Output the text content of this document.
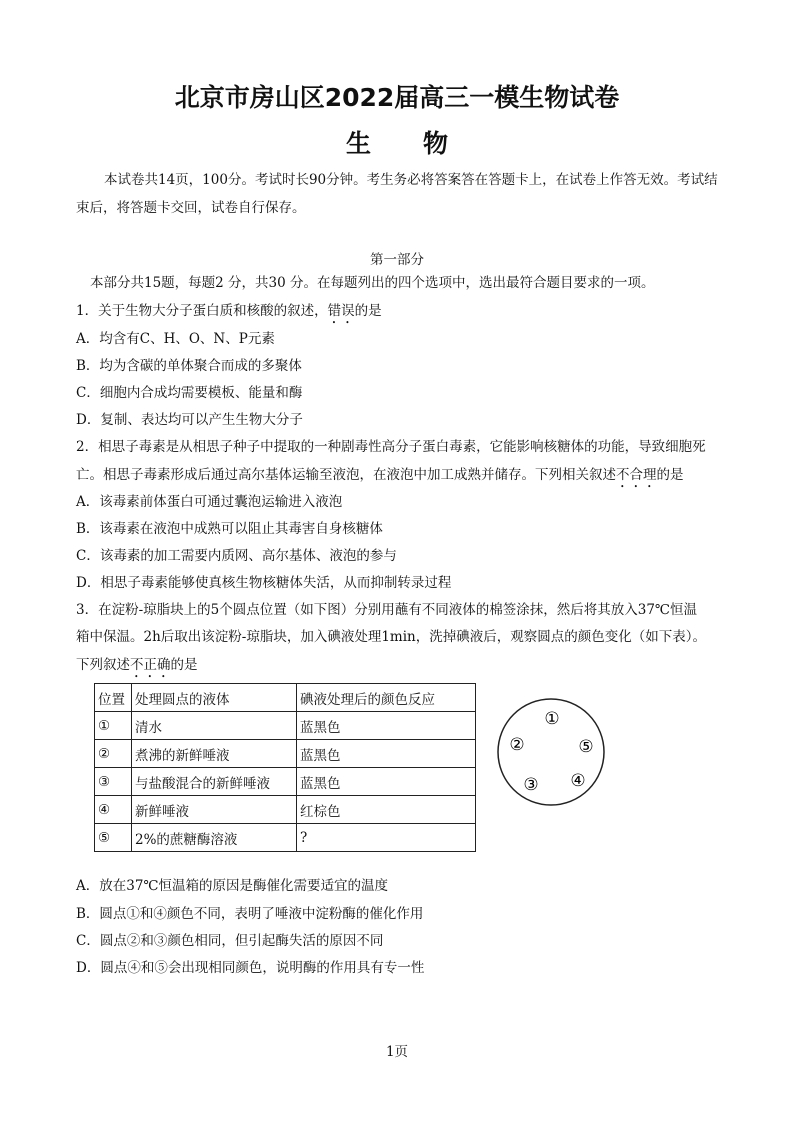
北京市房山区2022届高三一模生物试卷
生物
本试卷共14页，100分。考试时长90分钟。考生务必将答案答在答题卡上，在试卷上作答无效。考试结束后，将答题卡交回，试卷自行保存。
第一部分
本部分共15题，每题2 分，共30 分。在每题列出的四个选项中，选出最符合题目要求的一项。
1．关于生物大分子蛋白质和核酸的叙述，错误的是
A．均含有C、H、O、N、P元素
B．均为含碳的单体聚合而成的多聚体
C．细胞内合成均需要模板、能量和酶
D．复制、表达均可以产生生物大分子
2．相思子毒素是从相思子种子中提取的一种剧毒性高分子蛋白毒素，它能影响核糖体的功能，导致细胞死
亡。相思子毒素形成后通过高尔基体运输至液泡，在液泡中加工成熟并储存。下列相关叙述不合理的是
A．该毒素前体蛋白可通过囊泡运输进入液泡
B．该毒素在液泡中成熟可以阻止其毒害自身核糖体
C．该毒素的加工需要内质网、高尔基体、液泡的参与
D．相思子毒素能够使真核生物核糖体失活，从而抑制转录过程
3．在淀粉-琼脂块上的5个圆点位置（如下图）分别用蘸有不同液体的棉签涂抹，然后将其放入37℃恒温
箱中保温。2h后取出该淀粉-琼脂块，加入碘液处理1min，洗掉碘液后，观察圆点的颜色变化（如下表）。
下列叙述不正确的是
位置	处理圆点的液体	碘液处理后的颜色反应
①	清水	蓝黑色
②	煮沸的新鲜唾液	蓝黑色
③	与盐酸混合的新鲜唾液	蓝黑色
④	新鲜唾液	红棕色
⑤	2%的蔗糖酶溶液	?
①
②	⑤
③ ④
A．放在37℃恒温箱的原因是酶催化需要适宜的温度
B．圆点①和④颜色不同，表明了唾液中淀粉酶的催化作用
C．圆点②和③颜色相同，但引起酶失活的原因不同
D．圆点④和⑤会出现相同颜色，说明酶的作用具有专一性
1页
